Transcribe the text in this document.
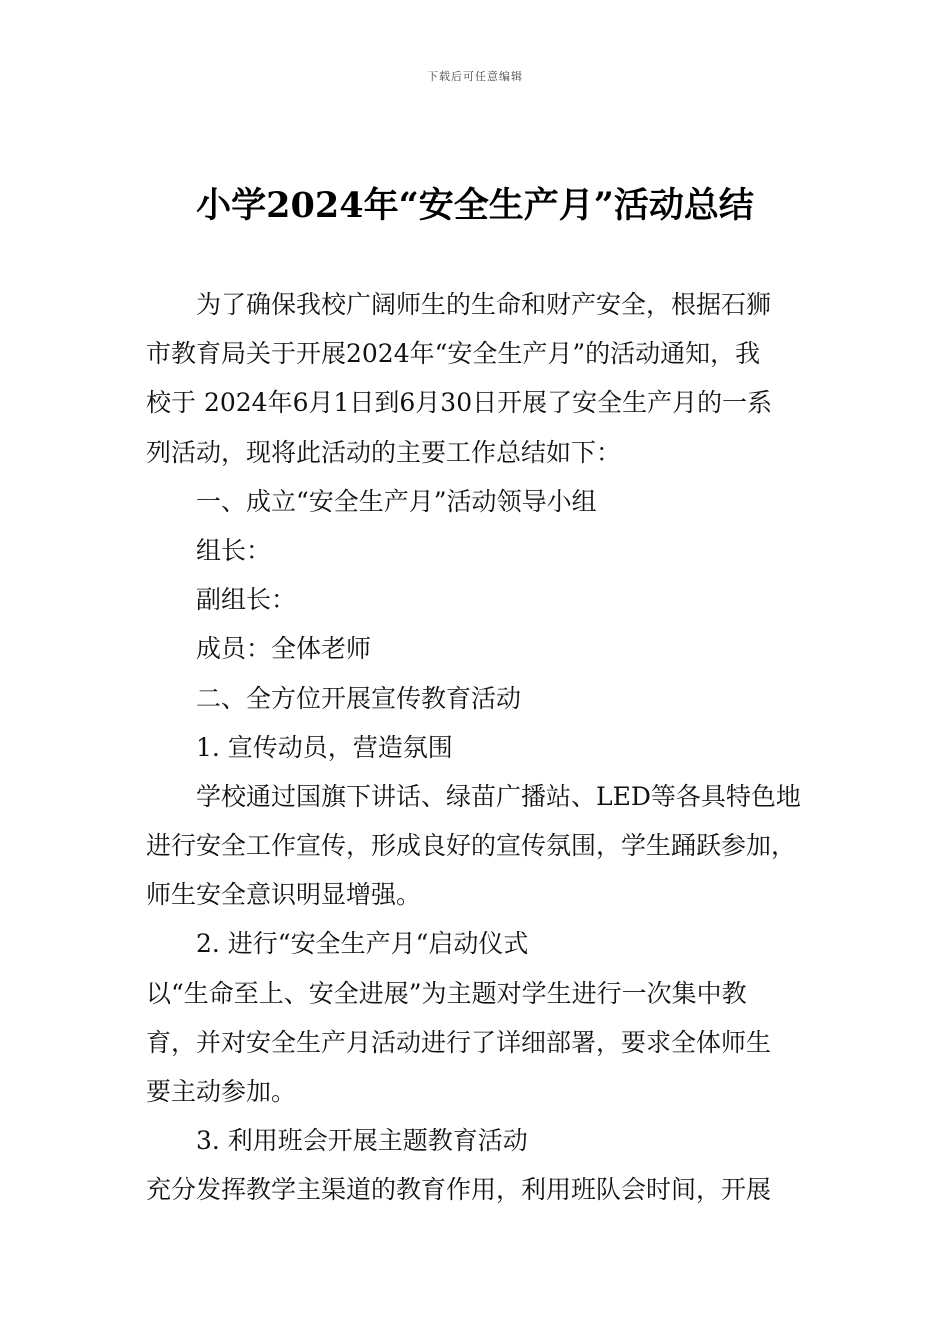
下载后可任意编辑
小学2024年“安全生产月”活动总结
为了确保我校广阔师生的生命和财产安全，根据石狮
市教育局关于开展2024年“安全生产月”的活动通知，我
校于 2024年6月1日到6月30日开展了安全生产月的一系
列活动，现将此活动的主要工作总结如下：
一、成立“安全生产月”活动领导小组
组长：
副组长：
成员：全体老师
二、全方位开展宣传教育活动
1. 宣传动员，营造氛围
学校通过国旗下讲话、绿苗广播站、LED等各具特色地
进行安全工作宣传，形成良好的宣传氛围，学生踊跃参加，
师生安全意识明显增强。
2. 进行“安全生产月“启动仪式
以“生命至上、安全进展”为主题对学生进行一次集中教
育，并对安全生产月活动进行了详细部署，要求全体师生
要主动参加。
3. 利用班会开展主题教育活动
充分发挥教学主渠道的教育作用，利用班队会时间，开展
